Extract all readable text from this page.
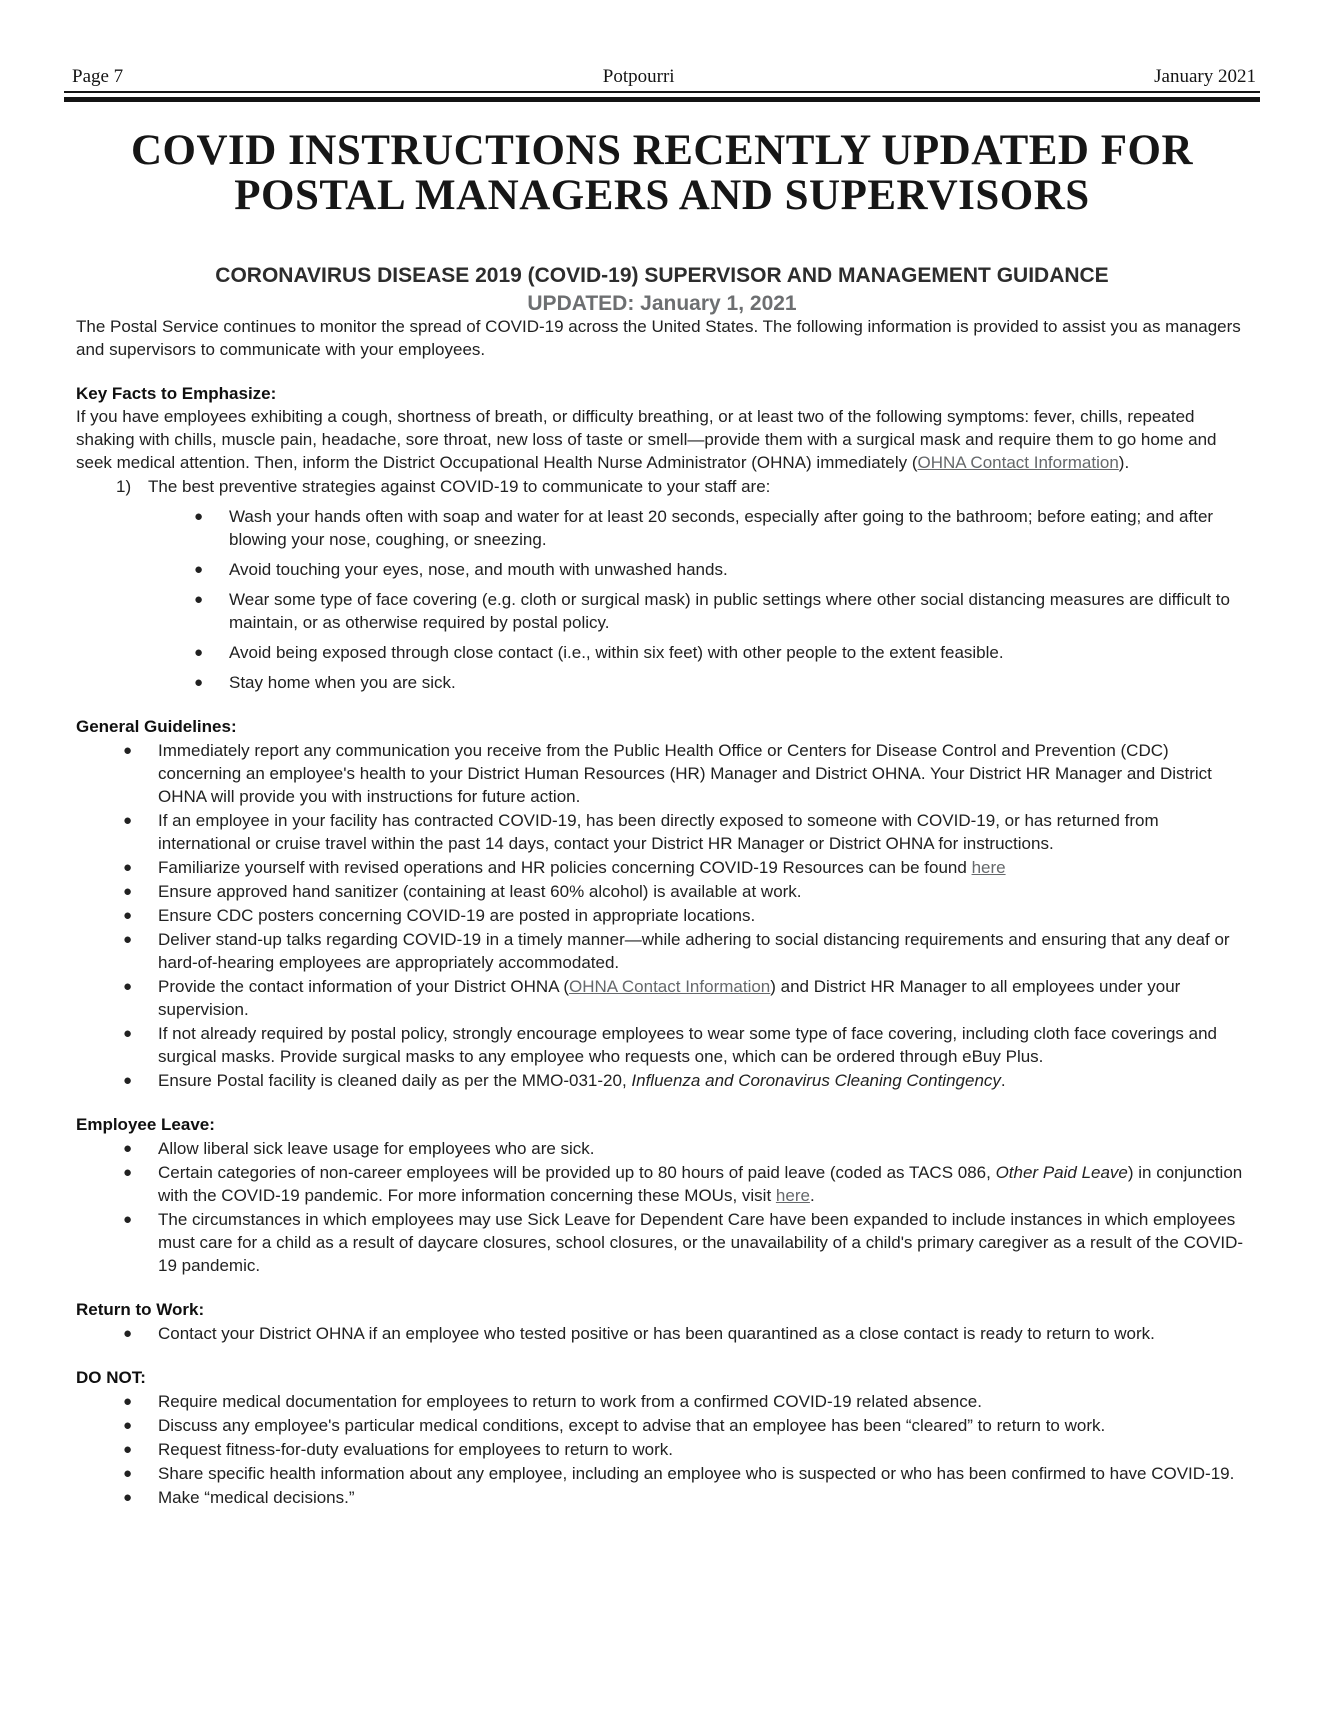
Page 7	Potpourri	January 2021
COVID INSTRUCTIONS RECENTLY UPDATED FOR
POSTAL MANAGERS AND SUPERVISORS
CORONAVIRUS DISEASE 2019 (COVID-19) SUPERVISOR AND MANAGEMENT GUIDANCE
UPDATED: January 1, 2021

The Postal Service continues to monitor the spread of COVID-19 across the United States. The following information is provided to assist you as managers and supervisors to communicate with your employees.

Key Facts to Emphasize:

If you have employees exhibiting a cough, shortness of breath, or difficulty breathing, or at least two of the following symptoms: fever, chills, repeated shaking with chills, muscle pain, headache, sore throat, new loss of taste or smell—provide them with a surgical mask and require them to go home and seek medical attention. Then, inform the District Occupational Health Nurse Administrator (OHNA) immediately (OHNA Contact Information).

1) The best preventive strategies against COVID-19 to communicate to your staff are:
● Wash your hands often with soap and water for at least 20 seconds, especially after going to the bathroom; before eating; and after blowing your nose, coughing, or sneezing.
● Avoid touching your eyes, nose, and mouth with unwashed hands.
● Wear some type of face covering (e.g. cloth or surgical mask) in public settings where other social distancing measures are difficult to maintain, or as otherwise required by postal policy.
● Avoid being exposed through close contact (i.e., within six feet) with other people to the extent feasible.
● Stay home when you are sick.
General Guidelines:
● Immediately report any communication you receive from the Public Health Office or Centers for Disease Control and Prevention (CDC) concerning an employee's health to your District Human Resources (HR) Manager and District OHNA. Your District HR Manager and District OHNA will provide you with instructions for future action.
● If an employee in your facility has contracted COVID-19, has been directly exposed to someone with COVID-19, or has returned from international or cruise travel within the past 14 days, contact your District HR Manager or District OHNA for instructions.
● Familiarize yourself with revised operations and HR policies concerning COVID-19 Resources can be found here
● Ensure approved hand sanitizer (containing at least 60% alcohol) is available at work.
● Ensure CDC posters concerning COVID-19 are posted in appropriate locations.
● Deliver stand-up talks regarding COVID-19 in a timely manner—while adhering to social distancing requirements and ensuring that any deaf or hard-of-hearing employees are appropriately accommodated.
● Provide the contact information of your District OHNA (OHNA Contact Information) and District HR Manager to all employees under your supervision.
● If not already required by postal policy, strongly encourage employees to wear some type of face covering, including cloth face coverings and surgical masks. Provide surgical masks to any employee who requests one, which can be ordered through eBuy Plus.
● Ensure Postal facility is cleaned daily as per the MMO-031-20, Influenza and Coronavirus Cleaning Contingency.
Employee Leave:
● Allow liberal sick leave usage for employees who are sick.
● Certain categories of non-career employees will be provided up to 80 hours of paid leave (coded as TACS 086, Other Paid Leave) in conjunction with the COVID-19 pandemic. For more information concerning these MOUs, visit here.
● The circumstances in which employees may use Sick Leave for Dependent Care have been expanded to include instances in which employees must care for a child as a result of daycare closures, school closures, or the unavailability of a child's primary caregiver as a result of the COVID-19 pandemic.
Return to Work:
● Contact your District OHNA if an employee who tested positive or has been quarantined as a close contact is ready to return to work.
DO NOT:
● Require medical documentation for employees to return to work from a confirmed COVID-19 related absence.
● Discuss any employee's particular medical conditions, except to advise that an employee has been “cleared” to return to work.
● Request fitness-for-duty evaluations for employees to return to work.
● Share specific health information about any employee, including an employee who is suspected or who has been confirmed to have COVID-19.
● Make “medical decisions.”
